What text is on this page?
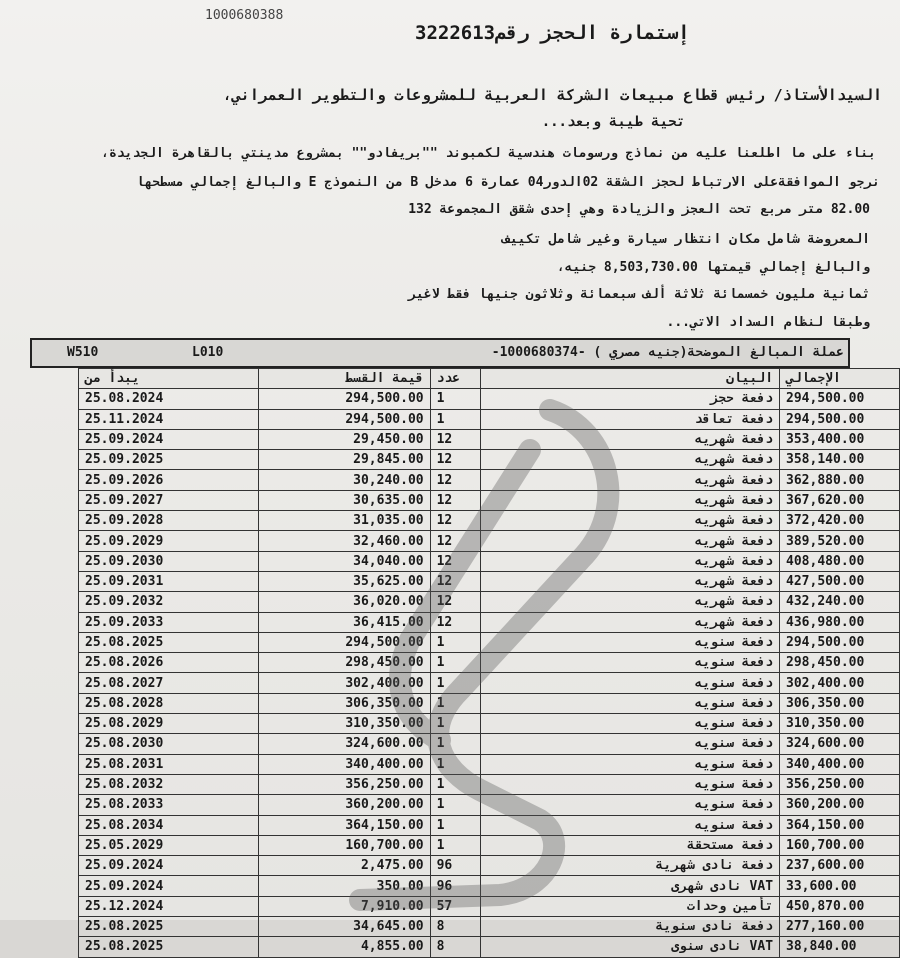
1000680388
إستمارة الحجز رقم3222613
السيدالأستاذ/ رئيس قطاع مبيعات الشركة العربية للمشروعات والتطوير العمراني،
تحية طيبة وبعد...
بناء على ما اطلعنا عليه من نماذج ورسومات هندسية لكمبوند ""بريفادو"" بمشروع مدينتي بالقاهرة الجديدة،
نرجو الموافقةعلى الارتباط لحجز الشقة 02الدور04 عمارة 6 مدخل B من النموذج E والبالغ إجمالي مسطحها
82.00 متر مربع تحت العجز والزيادة وهي إحدى شقق المجموعة 132
المعروضة شامل مكان انتظار سيارة وغير شامل تكييف
والبالغ إجمالي قيمتها 8,503,730.00 جنيه،
ثمانية مليون خمسمائة ثلاثة ألف سبعمائة وثلاثون جنيها فقط لاغير
وطبقا لنظام السداد الاتي...
W510	L010	عملة المبالغ الموضحة(جنيه مصري ) -1000680374-
يبدأ من	قيمة القسط	عدد	البيان	الإجمالي
25.08.2024	294,500.00	1	دفعة حجز	294,500.00
25.11.2024	294,500.00	1	دفعة تعاقد	294,500.00
25.09.2024	29,450.00	12	دفعة شهريه	353,400.00
25.09.2025	29,845.00	12	دفعة شهريه	358,140.00
25.09.2026	30,240.00	12	دفعة شهريه	362,880.00
25.09.2027	30,635.00	12	دفعة شهريه	367,620.00
25.09.2028	31,035.00	12	دفعة شهريه	372,420.00
25.09.2029	32,460.00	12	دفعة شهريه	389,520.00
25.09.2030	34,040.00	12	دفعة شهريه	408,480.00
25.09.2031	35,625.00	12	دفعة شهريه	427,500.00
25.09.2032	36,020.00	12	دفعة شهريه	432,240.00
25.09.2033	36,415.00	12	دفعة شهريه	436,980.00
25.08.2025	294,500.00	1	دفعة سنويه	294,500.00
25.08.2026	298,450.00	1	دفعة سنويه	298,450.00
25.08.2027	302,400.00	1	دفعة سنويه	302,400.00
25.08.2028	306,350.00	1	دفعة سنويه	306,350.00
25.08.2029	310,350.00	1	دفعة سنويه	310,350.00
25.08.2030	324,600.00	1	دفعة سنويه	324,600.00
25.08.2031	340,400.00	1	دفعة سنويه	340,400.00
25.08.2032	356,250.00	1	دفعة سنويه	356,250.00
25.08.2033	360,200.00	1	دفعة سنويه	360,200.00
25.08.2034	364,150.00	1	دفعة سنويه	364,150.00
25.05.2029	160,700.00	1	دفعة مستحقة	160,700.00
25.09.2024	2,475.00	96	دفعة نادى شهرية	237,600.00
25.09.2024	350.00	96	VAT نادى شهرى	33,600.00
25.12.2024	7,910.00	57	تأمين وحدات	450,870.00
25.08.2025	34,645.00	8	دفعة نادى سنوية	277,160.00
25.08.2025	4,855.00	8	VAT نادى سنوى	38,840.00
